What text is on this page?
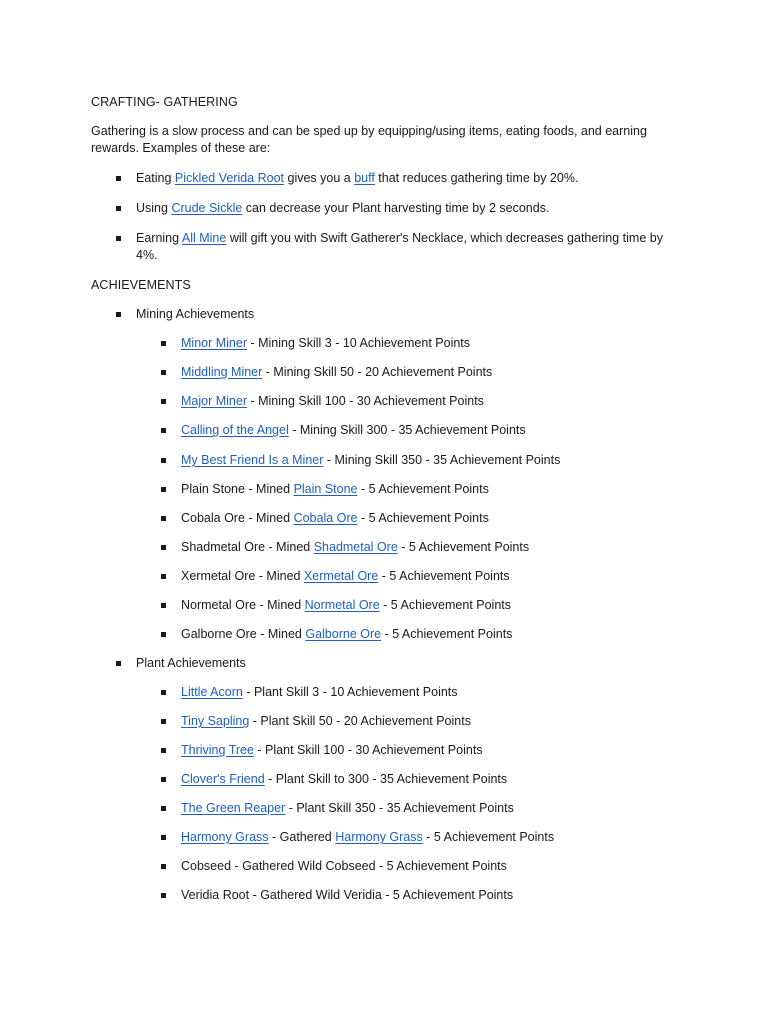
CRAFTING- GATHERING
Gathering is a slow process and can be sped up by equipping/using items, eating foods, and earning rewards. Examples of these are:
Eating Pickled Verida Root gives you a buff that reduces gathering time by 20%.
Using Crude Sickle can decrease your Plant harvesting time by 2 seconds.
Earning All Mine will gift you with Swift Gatherer's Necklace, which decreases gathering time by 4%.
ACHIEVEMENTS
Mining Achievements
Minor Miner - Mining Skill 3 - 10 Achievement Points
Middling Miner - Mining Skill 50 - 20 Achievement Points
Major Miner - Mining Skill 100 - 30 Achievement Points
Calling of the Angel - Mining Skill 300 - 35 Achievement Points
My Best Friend Is a Miner - Mining Skill 350 - 35 Achievement Points
Plain Stone - Mined Plain Stone - 5 Achievement Points
Cobala Ore - Mined Cobala Ore - 5 Achievement Points
Shadmetal Ore - Mined Shadmetal Ore - 5 Achievement Points
Xermetal Ore - Mined Xermetal Ore - 5 Achievement Points
Normetal Ore - Mined Normetal Ore - 5 Achievement Points
Galborne Ore - Mined Galborne Ore - 5 Achievement Points
Plant Achievements
Little Acorn - Plant Skill 3 - 10 Achievement Points
Tiny Sapling - Plant Skill 50 - 20 Achievement Points
Thriving Tree - Plant Skill 100 - 30 Achievement Points
Clover's Friend - Plant Skill to 300 - 35 Achievement Points
The Green Reaper - Plant Skill 350 - 35 Achievement Points
Harmony Grass - Gathered Harmony Grass - 5 Achievement Points
Cobseed - Gathered Wild Cobseed - 5 Achievement Points
Veridia Root - Gathered Wild Veridia - 5 Achievement Points
